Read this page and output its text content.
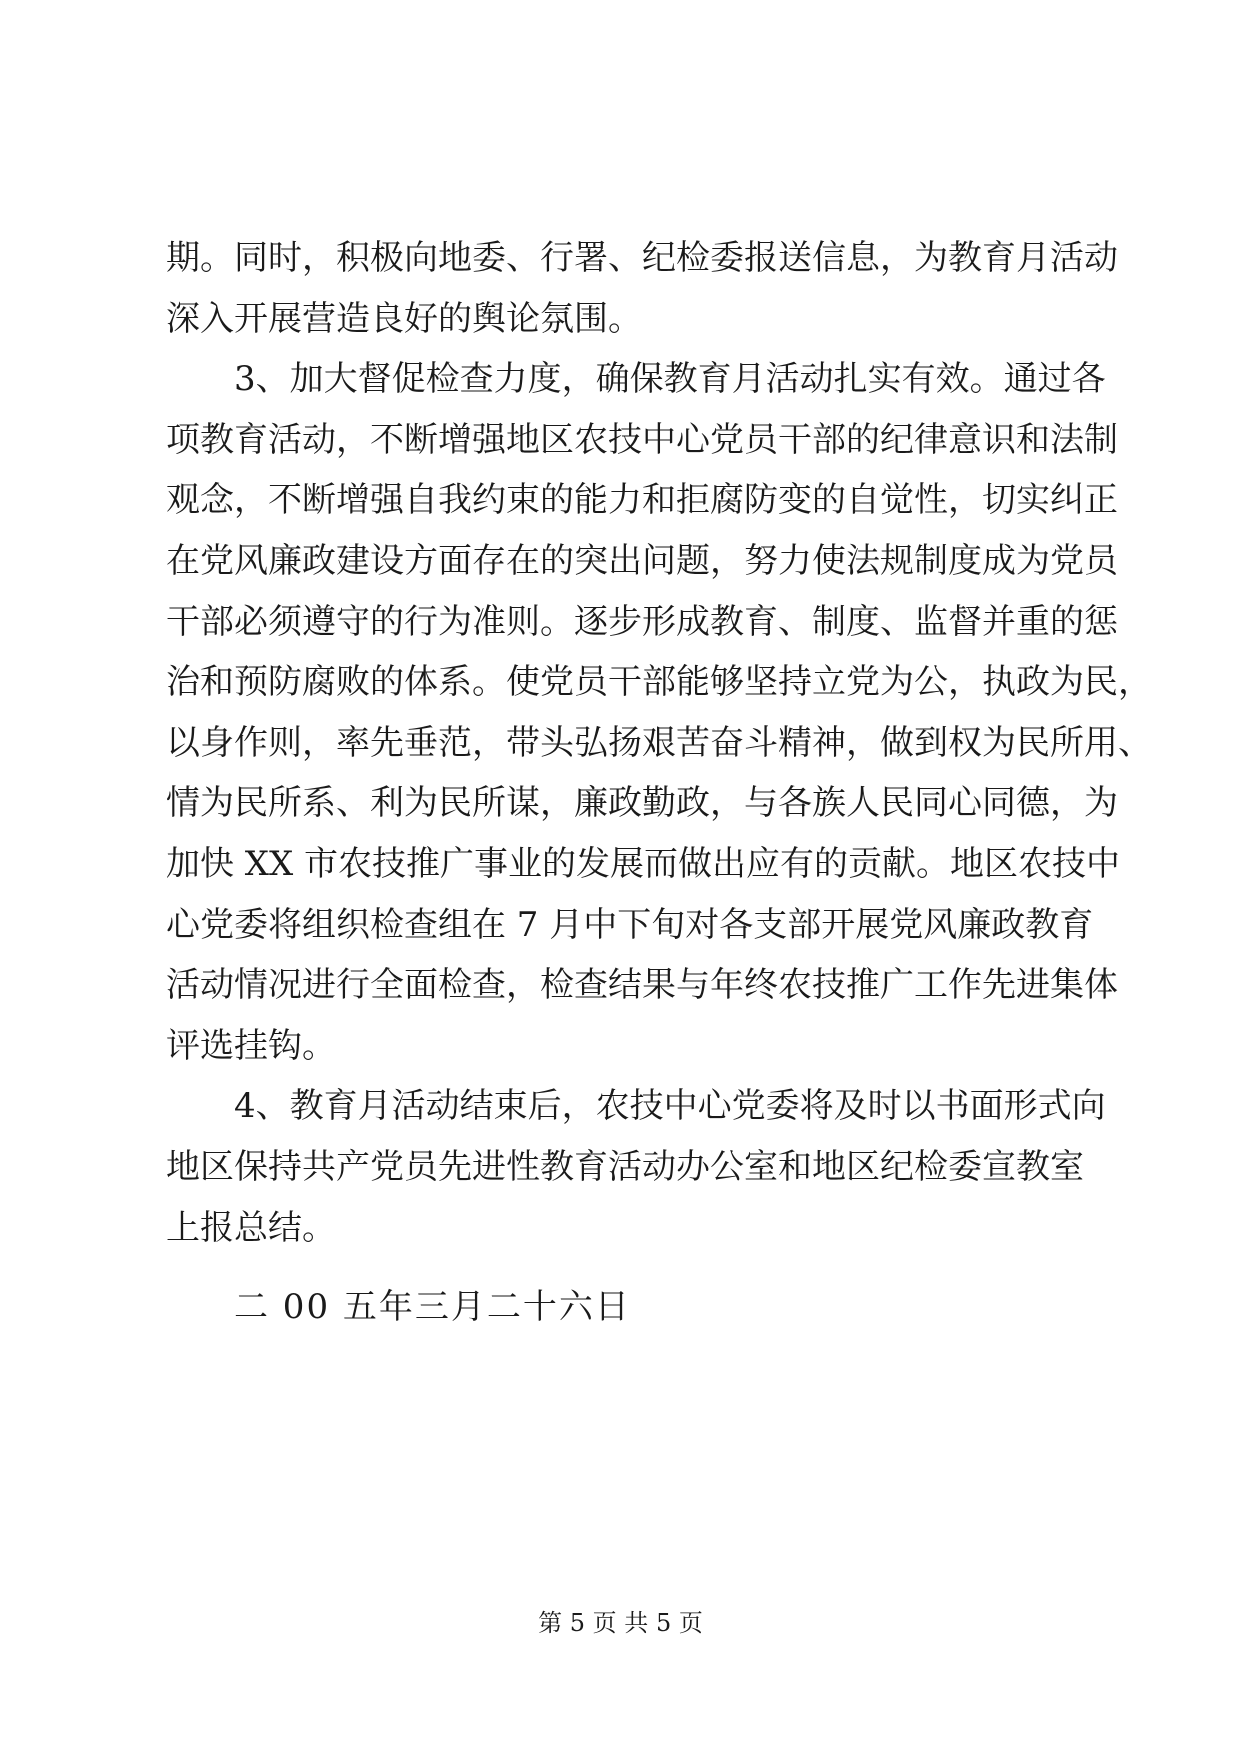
期。同时，积极向地委、行署、纪检委报送信息，为教育月活动
深入开展营造良好的舆论氛围。
3、加大督促检查力度，确保教育月活动扎实有效。通过各
项教育活动，不断增强地区农技中心党员干部的纪律意识和法制
观念，不断增强自我约束的能力和拒腐防变的自觉性，切实纠正
在党风廉政建设方面存在的突出问题，努力使法规制度成为党员
干部必须遵守的行为准则。逐步形成教育、制度、监督并重的惩
治和预防腐败的体系。使党员干部能够坚持立党为公，执政为民，
以身作则，率先垂范，带头弘扬艰苦奋斗精神，做到权为民所用、
情为民所系、利为民所谋，廉政勤政，与各族人民同心同德，为
加快 XX 市农技推广事业的发展而做出应有的贡献。地区农技中
心党委将组织检查组在 7 月中下旬对各支部开展党风廉政教育
活动情况进行全面检查，检查结果与年终农技推广工作先进集体
评选挂钩。
4、教育月活动结束后，农技中心党委将及时以书面形式向
地区保持共产党员先进性教育活动办公室和地区纪检委宣教室
上报总结。
二 00 五年三月二十六日
第 5 页 共 5 页
